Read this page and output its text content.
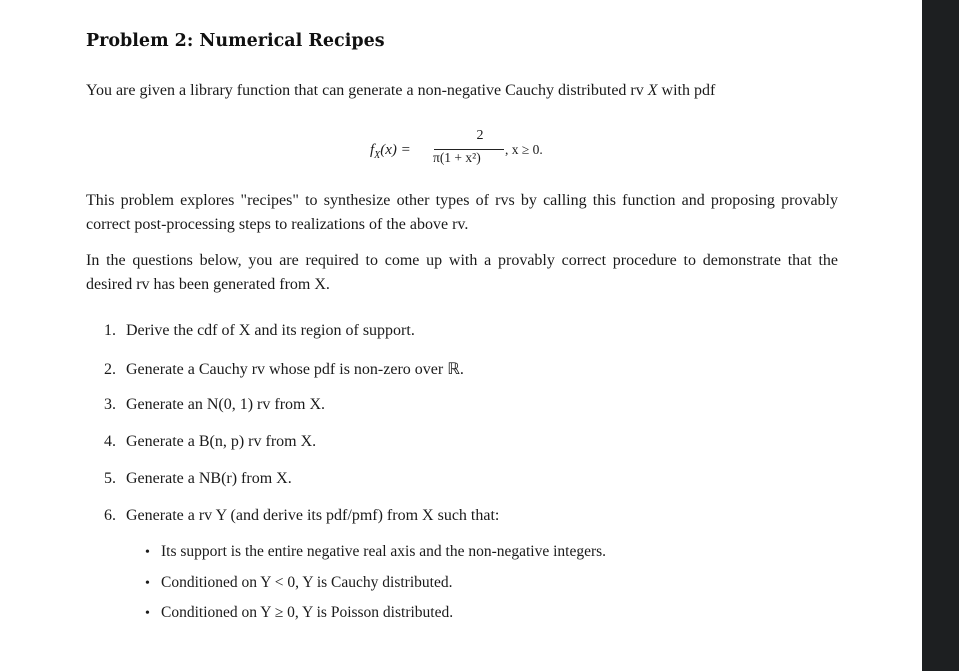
Problem 2: Numerical Recipes
You are given a library function that can generate a non-negative Cauchy distributed rv X with pdf
$f_X(x)$ =
2
π(1 + x²)
, x ≥ 0.
This problem explores "recipes" to synthesize other types of rvs by calling this function and proposing provably correct post-processing steps to realizations of the above rv.
In the questions below, you are required to come up with a provably correct procedure to demonstrate that the desired rv has been generated from X.
1. Derive the cdf of X and its region of support.
2. Generate a Cauchy rv whose pdf is non-zero over ℝ.
3. Generate an N(0, 1) rv from X.
4. Generate a B(n, p) rv from X.
5. Generate a NB(r) from X.
6. Generate a rv Y (and derive its pdf/pmf) from X such that:
• Its support is the entire negative real axis and the non-negative integers.
• Conditioned on Y < 0, Y is Cauchy distributed.
• Conditioned on Y ≥ 0, Y is Poisson distributed.
